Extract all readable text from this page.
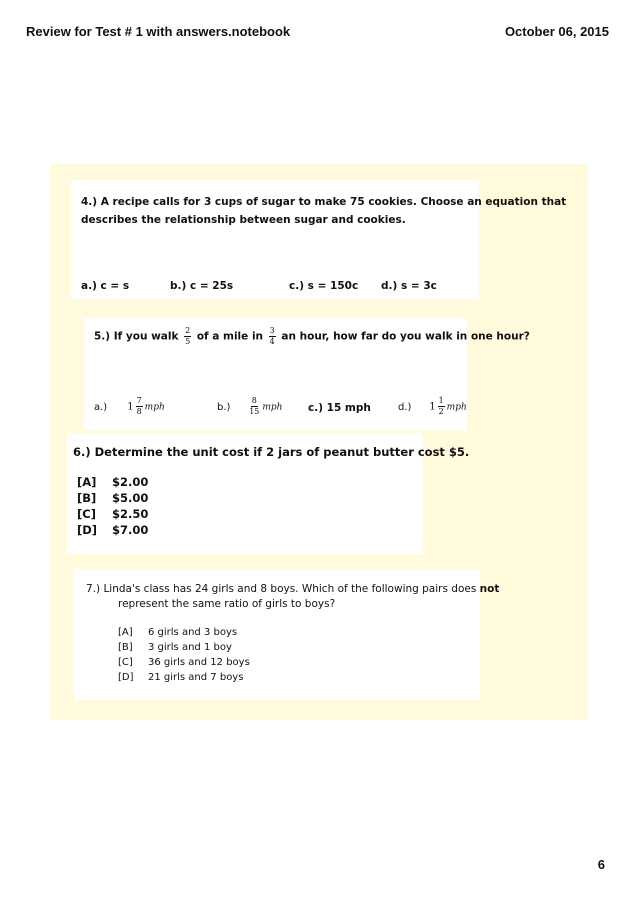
Review for Test # 1 with answers.notebook	October 06, 2015
4.) A recipe calls for 3 cups of sugar to make 75 cookies. Choose an equation that
describes the relationship between sugar and cookies.
a.) c = s	b.) c = 25s	c.) s = 150c d.) s = 3c
5.) If you walk $\frac{2}{5}$ of a mile in $\frac{3}{4}$ an hour, how far do you walk in one hour?
a.) $1 \frac{7}{8}$ mph	$b.) \frac{8}{15}$ mph c.) 15 mph	d.) $1 \frac{1}{2}$ mph
6.) Determine the unit cost if 2 jars of peanut butter cost $5.
[A] $2.00
[B] $5.00
[C] $2.50
[D] $7.00
7.) Linda's class has 24 girls and 8 boys. Which of the following pairs does not
represent the same ratio of girls to boys?
[A] 6 girls and 3 boys
[B] 3 girls and 1 boy
[C] 36 girls and 12 boys
[D] 21 girls and 7 boys
6
